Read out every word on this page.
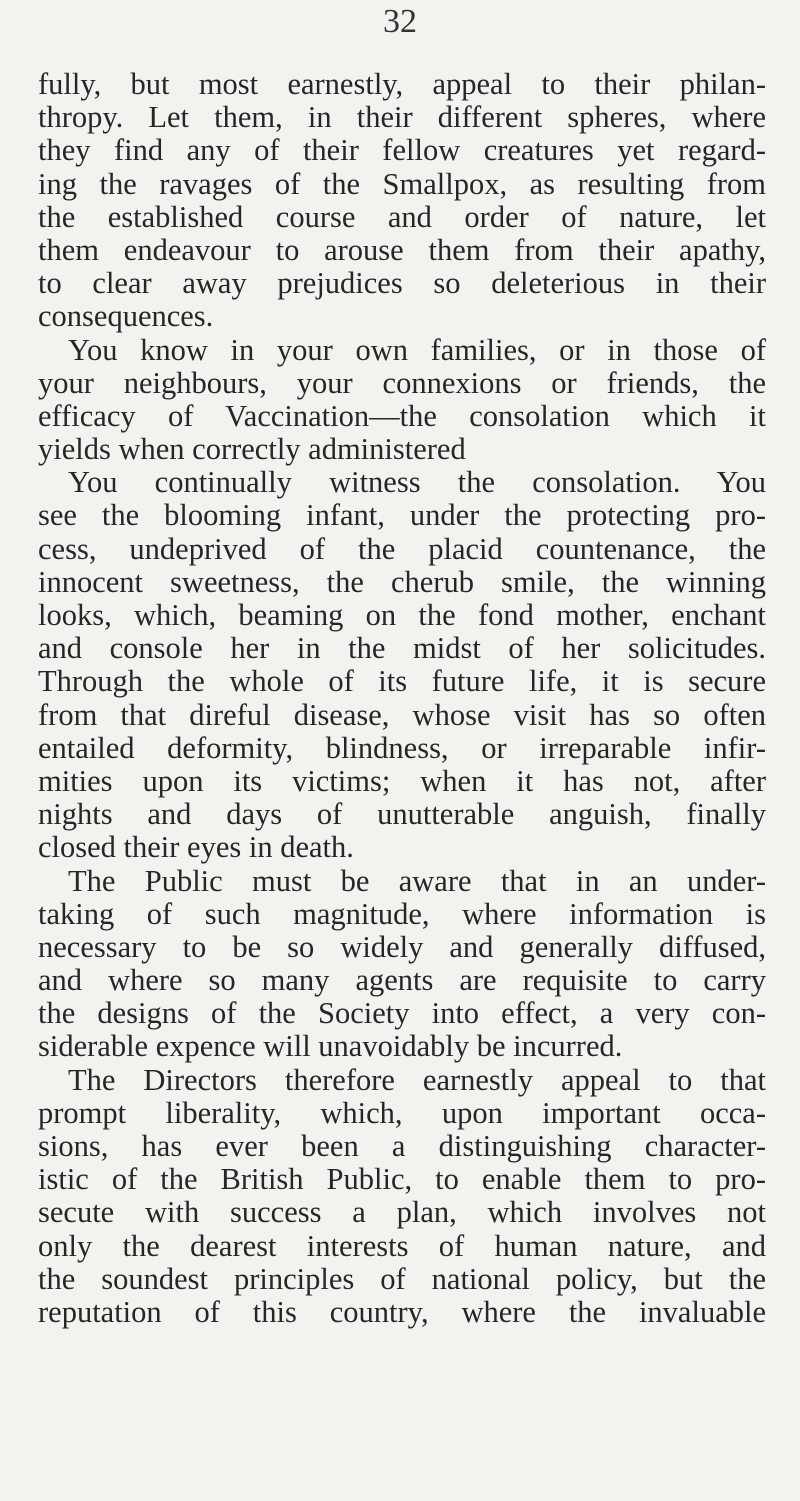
32
fully, but most earnestly, appeal to their philan-
thropy. Let them, in their different spheres, where
they find any of their fellow creatures yet regard-
ing the ravages of the Smallpox, as resulting from
the established course and order of nature, let
them endeavour to arouse them from their apathy,
to clear away prejudices so deleterious in their
consequences.
You know in your own families, or in those of
your neighbours, your connexions or friends, the
efficacy of Vaccination—the consolation which it
yields when correctly administered
You continually witness the consolation. You
see the blooming infant, under the protecting pro-
cess, undeprived of the placid countenance, the
innocent sweetness, the cherub smile, the winning
looks, which, beaming on the fond mother, enchant
and console her in the midst of her solicitudes.
Through the whole of its future life, it is secure
from that direful disease, whose visit has so often
entailed deformity, blindness, or irreparable infir-
mities upon its victims; when it has not, after
nights and days of unutterable anguish, finally
closed their eyes in death.
The Public must be aware that in an under-
taking of such magnitude, where information is
necessary to be so widely and generally diffused,
and where so many agents are requisite to carry
the designs of the Society into effect, a very con-
siderable expence will unavoidably be incurred.
The Directors therefore earnestly appeal to that
prompt liberality, which, upon important occa-
sions, has ever been a distinguishing character-
istic of the British Public, to enable them to pro-
secute with success a plan, which involves not
only the dearest interests of human nature, and
the soundest principles of national policy, but the
reputation of this country, where the invaluable
